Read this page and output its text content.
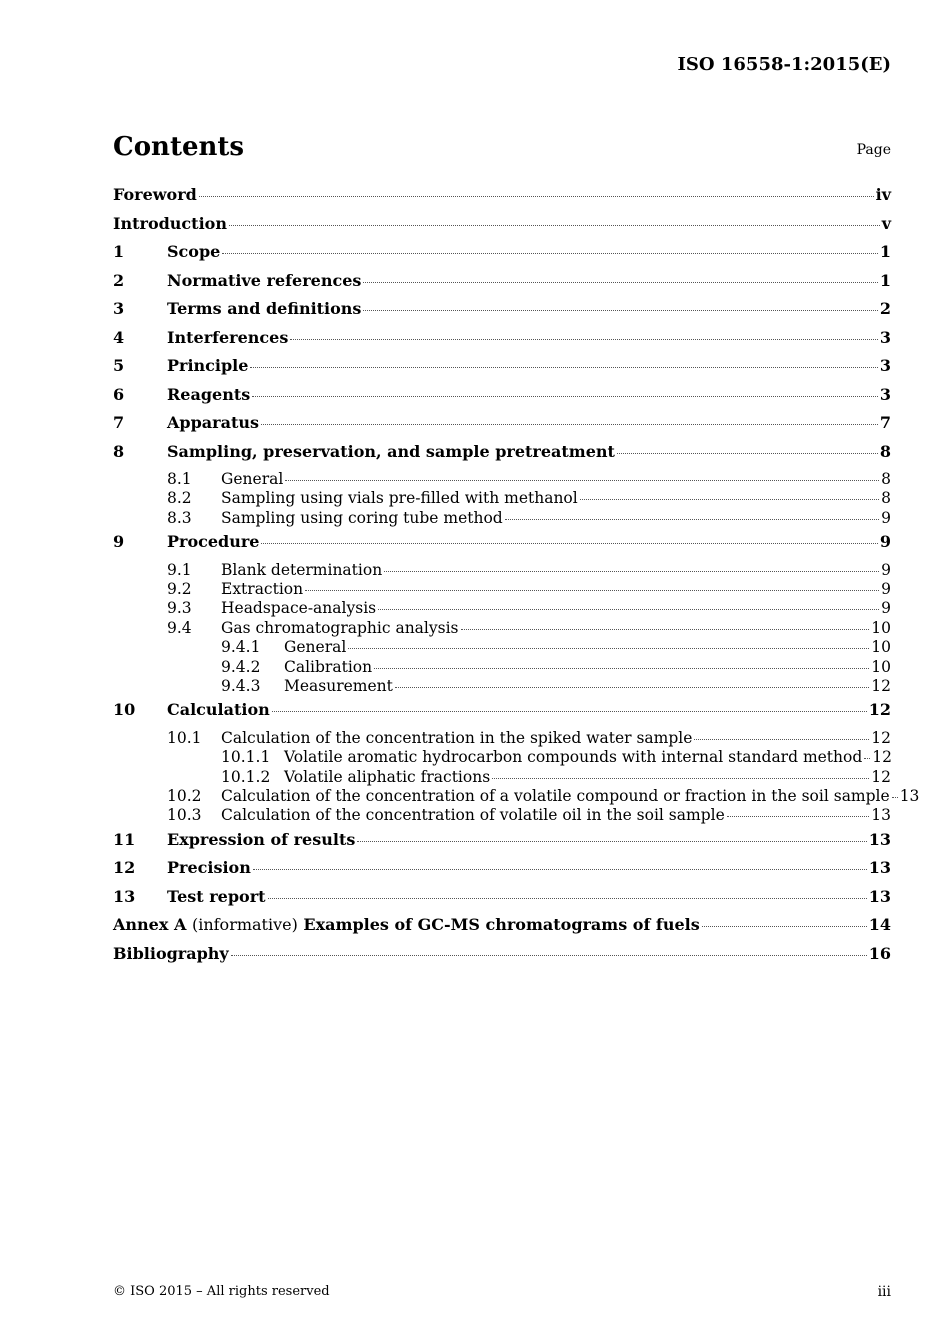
ISO 16558-1:2015(E)
Contents	Page
Foreword	iv
Introduction	v
1	Scope	1
2	Normative references	1
3	Terms and definitions	2
4	Interferences	3
5	Principle	3
6	Reagents	3
7	Apparatus	7
8	Sampling, preservation, and sample pretreatment	8
8.1	General	8
8.2	Sampling using vials pre-filled with methanol	8
8.3	Sampling using coring tube method	9
9	Procedure	9
9.1	Blank determination	9
9.2	Extraction	9
9.3	Headspace-analysis	9
9.4	Gas chromatographic analysis	10
9.4.1	General	10
9.4.2	Calibration	10
9.4.3	Measurement	12
10	Calculation	12
10.1	Calculation of the concentration in the spiked water sample	12
10.1.1 Volatile aromatic hydrocarbon compounds with internal standard method 12
10.1.2 Volatile aliphatic fractions	12
10.2	Calculation of the concentration of a volatile compound or fraction in the soil sample 13
10.3	Calculation of the concentration of volatile oil in the soil sample	13
11	Expression of results	13
12	Precision	13
13	Test report	13
Annex A (informative) Examples of GC-MS chromatograms of fuels	14
Bibliography	16
© ISO 2015 – All rights reserved	iii
